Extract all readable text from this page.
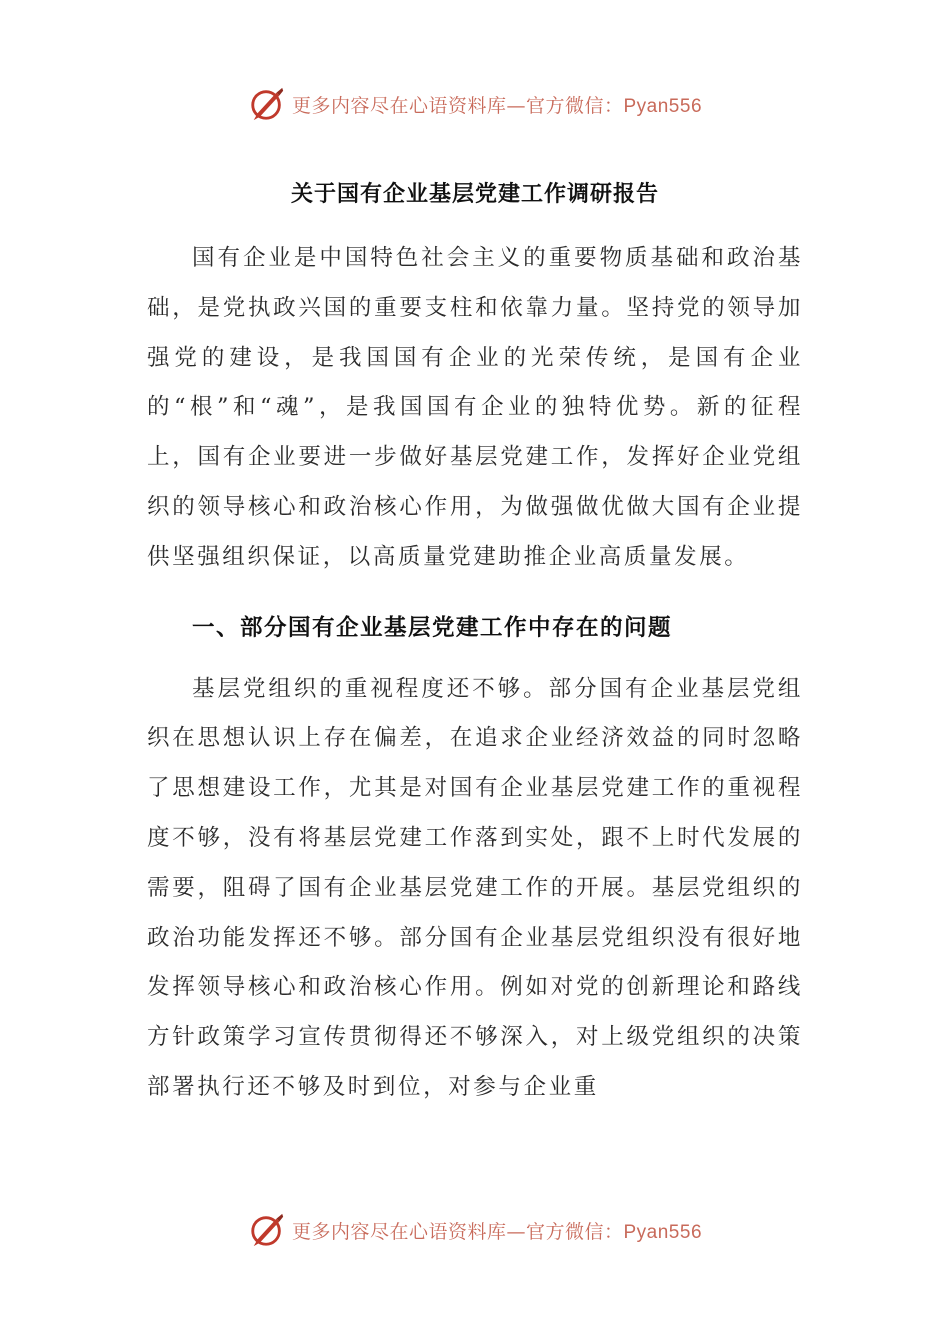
更多内容尽在心语资料库—官方微信：Pyan556
关于国有企业基层党建工作调研报告

国有企业是中国特色社会主义的重要物质基础和政治基础，是党执政兴国的重要支柱和依靠力量。坚持党的领导加强党的建设，是我国国有企业的光荣传统，是国有企业的“根”和“魂”，是我国国有企业的独特优势。新的征程上，国有企业要进一步做好基层党建工作，发挥好企业党组织的领导核心和政治核心作用，为做强做优做大国有企业提供坚强组织保证，以高质量党建助推企业高质量发展。

一、部分国有企业基层党建工作中存在的问题

基层党组织的重视程度还不够。部分国有企业基层党组织在思想认识上存在偏差，在追求企业经济效益的同时忽略了思想建设工作，尤其是对国有企业基层党建工作的重视程度不够，没有将基层党建工作落到实处，跟不上时代发展的需要，阻碍了国有企业基层党建工作的开展。基层党组织的政治功能发挥还不够。部分国有企业基层党组织没有很好地发挥领导核心和政治核心作用。例如对党的创新理论和路线方针政策学习宣传贯彻得还不够深入，对上级党组织的决策部署执行还不够及时到位，对参与企业重

更多内容尽在心语资料库—官方微信：Pyan556
